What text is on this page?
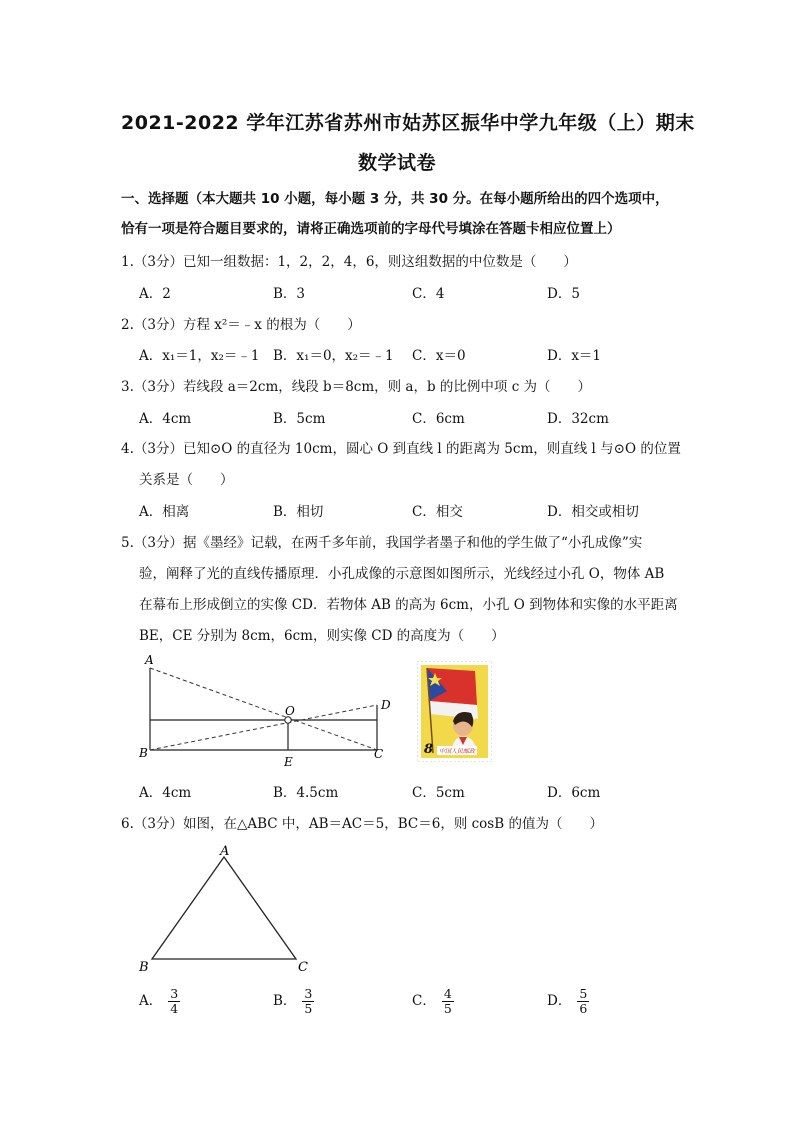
2021-2022 学年江苏省苏州市姑苏区振华中学九年级（上）期末
数学试卷
一、选择题（本大题共 10 小题，每小题 3 分，共 30 分。在每小题所给出的四个选项中，
恰有一项是符合题目要求的，请将正确选项前的字母代号填涂在答题卡相应位置上）
1.（3分）已知一组数据：1，2，2，4，6，则这组数据的中位数是（　　）
A．2	B．3	C．4	D．5
2.（3分）方程 x²＝﹣x 的根为（　　）
A．x₁＝1，x₂＝﹣1 B．x₁＝0，x₂＝﹣1 C．x＝0	D．x＝1
3.（3分）若线段 a＝2cm，线段 b＝8cm，则 a，b 的比例中项 c 为（　　）
A．4cm	B．5cm	C．6cm	D．32cm
4.（3分）已知⊙O 的直径为 10cm，圆心 O 到直线 l 的距离为 5cm，则直线 l 与⊙O 的位置
关系是（　　）
A．相离	B．相切	C．相交	D．相交或相切
5.（3分）据《墨经》记载，在两千多年前，我国学者墨子和他的学生做了“小孔成像”实
验，阐释了光的直线传播原理．小孔成像的示意图如图所示，光线经过小孔 O，物体 AB
在幕布上形成倒立的实像 CD．若物体 AB 的高为 6cm，小孔 O 到物体和实像的水平距离
BE，CE 分别为 8cm，6cm，则实像 CD 的高度为（　　）
A
B
O	D
E
C	8 中国人民邮政
A．4cm	B．4.5cm	C．5cm	D．6cm
6.（3分）如图，在△ABC 中，AB＝AC＝5，BC＝6，则 cosB 的值为（　　）
A
B	C
A． $\frac{3}{4}$	B． $\frac{3}{5}$	C． $\frac{4}{5}$	D． $\frac{5}{6}$
